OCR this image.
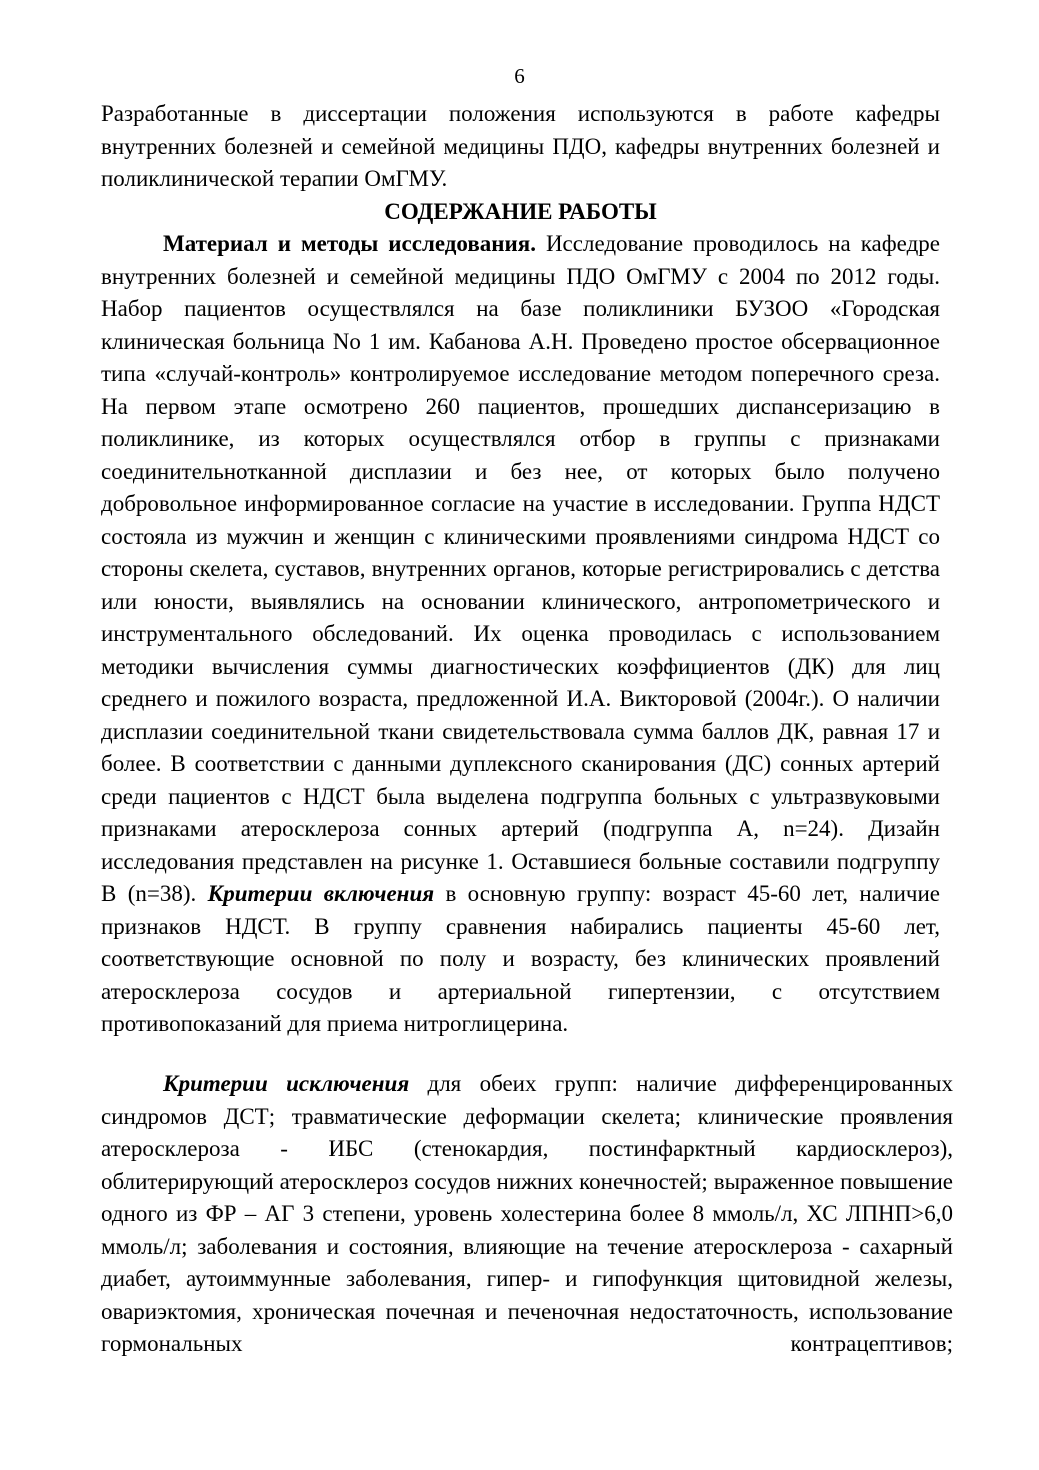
6

Разработанные в диссертации положения используются в работе кафедры внутренних болезней и семейной медицины ПДО, кафедры внутренних болезней и поликлинической терапии ОмГМУ.

СОДЕРЖАНИЕ РАБОТЫ

Материал и методы исследования. Исследование проводилось на кафедре внутренних болезней и семейной медицины ПДО ОмГМУ с 2004 по 2012 годы. Набор пациентов осуществлялся на базе поликлиники БУЗОО «Городская клиническая больница No 1 им. Кабанова А.Н. Проведено простое обсервационное типа «случай-контроль» контролируемое исследование методом поперечного среза. На первом этапе осмотрено 260 пациентов, прошедших диспансеризацию в поликлинике, из которых осуществлялся отбор в группы с признаками соединительнотканной дисплазии и без нее, от которых было получено добровольное информированное согласие на участие в исследовании. Группа НДСТ состояла из мужчин и женщин с клиническими проявлениями синдрома НДСТ со стороны скелета, суставов, внутренних органов, которые регистрировались с детства или юности, выявлялись на основании клинического, антропометрического и инструментального обследований. Их оценка проводилась с использованием методики вычисления суммы диагностических коэффициентов (ДК) для лиц среднего и пожилого возраста, предложенной И.А. Викторовой (2004г.). О наличии дисплазии соединительной ткани свидетельствовала сумма баллов ДК, равная 17 и более. В соответствии с данными дуплексного сканирования (ДС) сонных артерий среди пациентов с НДСТ была выделена подгруппа больных с ультразвуковыми признаками атеросклероза сонных артерий (подгруппа А, n=24). Дизайн исследования представлен на рисунке 1. Оставшиеся больные составили подгруппу В (n=38). Критерии включения в основную группу: возраст 45-60 лет, наличие признаков НДСТ. В группу сравнения набирались пациенты 45-60 лет, соответствующие основной по полу и возрасту, без клинических проявлений атеросклероза сосудов и артериальной гипертензии, с отсутствием противопоказаний для приема нитроглицерина.

Критерии исключения для обеих групп: наличие дифференцированных синдромов ДСТ; травматические деформации скелета; клинические проявления атеросклероза - ИБС (стенокардия, постинфарктный кардиосклероз), облитерирующий атеросклероз сосудов нижних конечностей; выраженное повышение одного из ФР – АГ 3 степени, уровень холестерина более 8 ммоль/л, ХС ЛПНП>6,0 ммоль/л; заболевания и состояния, влияющие на течение атеросклероза - сахарный диабет, аутоиммунные заболевания, гипер- и гипофункция щитовидной железы, овариэктомия, хроническая почечная и печеночная недостаточность, использование гормональных контрацептивов;
